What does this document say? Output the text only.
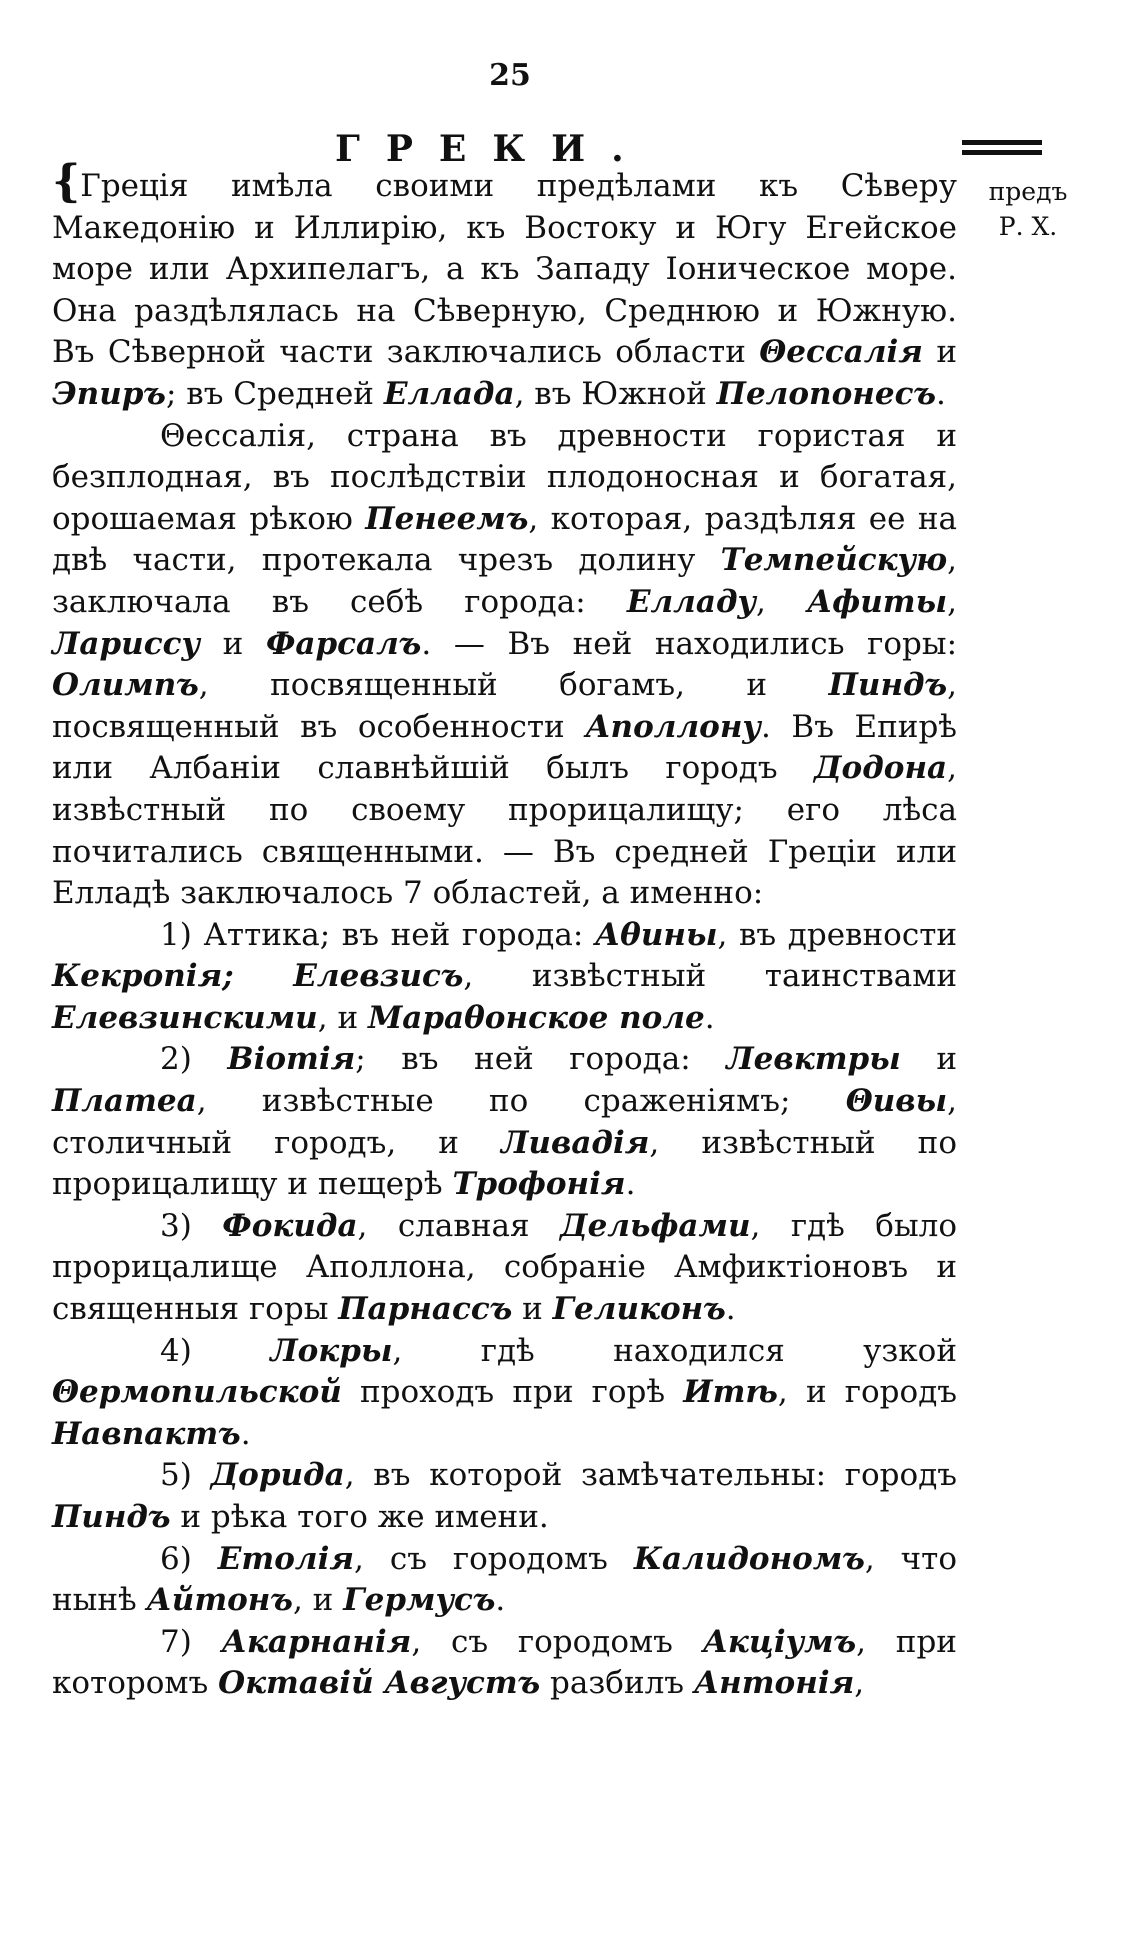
25
ГРЕКИ.
предъ
Р. Х.

{Греція имѣла своими предѣлами къ Сѣверу Македонію и Иллирію, къ Востоку и Югу Егейское море или Архипелагъ, а къ Западу Іоническое море. Она раздѣлялась на Сѣверную, Среднюю и Южную. Въ Сѣверной части заключались области Θессалія и Эпиръ; въ Средней Еллада, въ Южной Пелопонесъ.

Θессалія, страна въ древности гористая и безплодная, въ послѣдствіи плодоносная и богатая, орошаемая рѣкою Пенеемъ, которая, раздѣляя ее на двѣ части, протекала чрезъ долину Темпейскую, заключала въ себѣ города: Елладу, Афиты, Лариссу и Фарсалъ. — Въ ней находились горы: Олимпъ, посвященный богамъ, и Пиндъ, посвященный въ особенности Аполлону. Въ Епирѣ или Албаніи славнѣйшій былъ городъ Додона, извѣстный по своему прорицалищу; его лѣса почитались священными. — Въ средней Греціи или Елладѣ заключалось 7 областей, а именно:

1) Аттика; въ ней города: Аθины, въ древности Кекропія; Елевзисъ, извѣстный таинствами Елевзинскими, и Мараθонское поле.

2) Віотія; въ ней города: Левктры и Платеа, извѣстные по сраженіямъ; Θивы, столичный городъ, и Ливадія, извѣстный по прорицалищу и пещерѣ Трофонія.

3) Фокида, славная Дельфами, гдѣ было прорицалище Аполлона, собраніе Амфиктіоновъ и священныя горы Парнассъ и Геликонъ.

4)	Локры, гдѣ находился узкой Θермопильской проходъ при горѣ Итѣ, и городъ Навпактъ.

5) Дорида, въ которой замѣчательны: городъ Пиндъ и рѣка того же имени.

6) Етолія, съ городомъ Калидономъ, что нынѣ Айтонъ, и Гермусъ.

7) Акарнанія, съ городомъ Акціумъ, при которомъ Октавій Августъ разбилъ Антонія,
